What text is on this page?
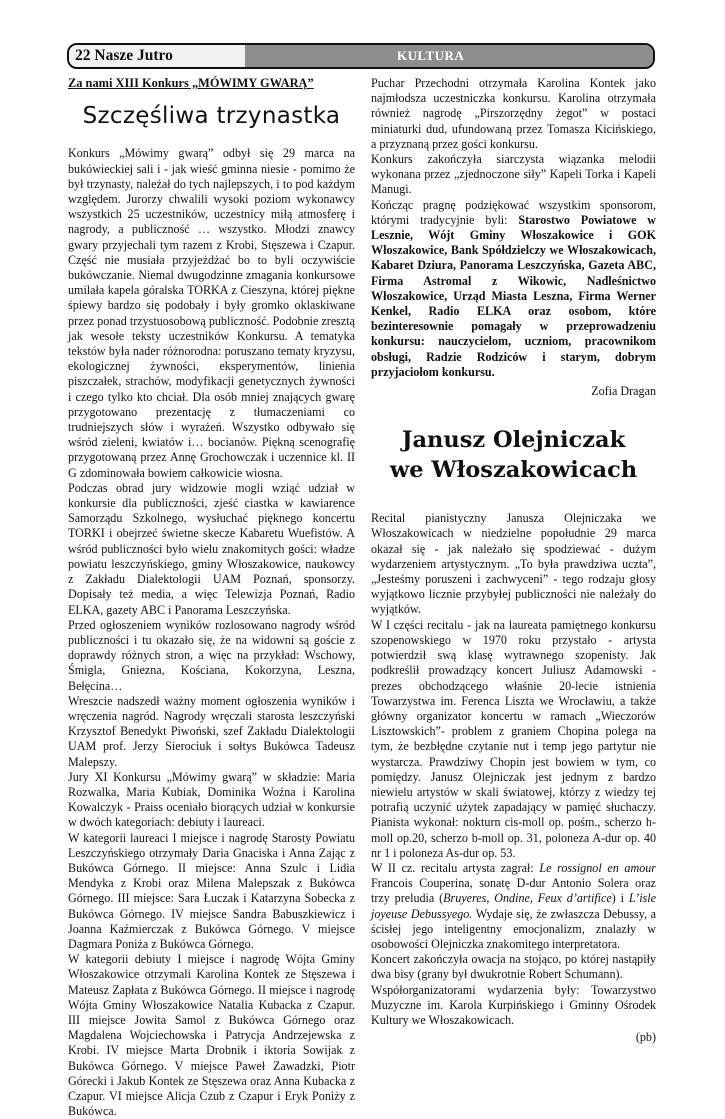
22 Nasze Jutro	KULTURA

Za nami XIII Konkurs „MÓWIMY GWARĄ”

Szczęśliwa trzynastka

Konkurs „Mówimy gwarą” odbył się 29 marca na bukówieckiej sali i - jak wieść gminna niesie - pomimo że był trzynasty, należał do tych najlepszych, i to pod każdym względem. Jurorzy chwalili wysoki poziom wykonawcy wszystkich 25 uczestników, uczestnicy miłą atmosferę i nagrody, a publiczność … wszystko. Młodzi znawcy gwary przyjechali tym razem z Krobi, Stęszewa i Czapur. Część nie musiała przyjeżdżać bo to byli oczywiście bukówczanie. Niemal dwugodzinne zmagania konkursowe umilała kapela góralska TORKA z Cieszyna, której piękne śpiewy bardzo się podobały i były gromko oklaskiwane przez ponad trzystuosobową publiczność. Podobnie zresztą jak wesołe teksty uczestników Konkursu. A tematyka tekstów była nader różnorodna: poruszano tematy kryzysu, ekologicznej żywności, eksperymentów, linienia piszczałek, strachów, modyfikacji genetycznych żywności i czego tylko kto chciał. Dla osób mniej znających gwarę przygotowano prezentację z tłumaczeniami co trudniejszych słów i wyrażeń. Wszystko odbywało się wśród zieleni, kwiatów i… bocianów. Piękną scenografię przygotowaną przez Annę Grochowczak i uczennice kl. II G zdominowała bowiem całkowicie wiosna.

Podczas obrad jury widzowie mogli wziąć udział w konkursie dla publiczności, zjeść ciastka w kawiarence Samorządu Szkolnego, wysłuchać pięknego koncertu TORKI i obejrzeć świetne skecze Kabaretu Wuefistów. A wśród publiczności było wielu znakomitych gości: władze powiatu leszczyńskiego, gminy Włoszakowice, naukowcy z Zakładu Dialektologii UAM Poznań, sponsorzy. Dopisały też media, a więc Telewizja Poznań, Radio ELKA, gazety ABC i Panorama Leszczyńska.

Przed ogłoszeniem wyników rozlosowano nagrody wśród publiczności i tu okazało się, że na widowni są goście z doprawdy różnych stron, a więc na przykład: Wschowy, Śmigla, Gniezna, Kościana, Kokorzyna, Leszna, Bełęcina…

Wreszcie nadszedł ważny moment ogłoszenia wyników i wręczenia nagród. Nagrody wręczali starosta leszczyński Krzysztof Benedykt Piwoński, szef Zakładu Dialektologii UAM prof. Jerzy Sierociuk i sołtys Bukówca Tadeusz Malepszy.

Jury XI Konkursu „Mówimy gwarą” w składzie: Maria Rozwalka, Maria Kubiak, Dominika Woźna i Karolina Kowalczyk - Praiss oceniało biorących udział w konkursie w dwóch kategoriach: debiuty i laureaci.

W kategorii laureaci I miejsce i nagrodę Starosty Powiatu Leszczyńskiego otrzymały Daria Gnaciska i Anna Zając z Bukówca Górnego. II miejsce: Anna Szulc i Lidia Mendyka z Krobi oraz Milena Malepszak z Bukówca Górnego. III miejsce: Sara Łuczak i Katarzyna Sobecka z Bukówca Górnego. IV miejsce Sandra Babuszkiewicz i Joanna Kaźmierczak z Bukówca Górnego. V miejsce Dagmara Poniża z Bukówca Górnego.

W kategorii debiuty I miejsce i nagrodę Wójta Gminy Włoszakowice otrzymali Karolina Kontek ze Stęszewa i Mateusz Zapłata z Bukówca Górnego. II miejsce i nagrodę Wójta Gminy Włoszakowice Natalia Kubacka z Czapur. III miejsce Jowita Samol z Bukówca Górnego oraz Magdalena Wojciechowska i Patrycja Andrzejewska z Krobi. IV miejsce Marta Drobnik i iktoria Sowijak z Bukówca Górnego. V miejsce Paweł Zawadzki, Piotr Górecki i Jakub Kontek ze Stęszewa oraz Anna Kubacka z Czapur. VI miejsce Alicja Czub z Czapur i Eryk Poniży z Bukówca.

Puchar Przechodni otrzymała Karolina Kontek jako najmłodsza uczestniczka konkursu. Karolina otrzymała również nagrodę „Pirszorzędny żegot” w postaci miniaturki dud, ufundowaną przez Tomasza Kicińskiego, a przyznaną przez gości konkursu.

Konkurs zakończyła siarczysta wiązanka melodii wykonana przez „zjednoczone siły” Kapeli Torka i Kapeli Manugi.

Kończąc pragnę podziękować wszystkim sponsorom, którymi tradycyjnie byli: Starostwo Powiatowe w Lesznie, Wójt Gminy Włoszakowice i GOK Włoszakowice, Bank Spółdzielczy we Włoszakowicach, Kabaret Dziura, Panorama Leszczyńska, Gazeta ABC, Firma Astromal z Wikowic, Nadleśnictwo Włoszakowice, Urząd Miasta Leszna, Firma Werner Kenkel, Radio ELKA oraz osobom, które bezinteresownie pomagały w przeprowadzeniu konkursu: nauczycielom, uczniom, pracownikom obsługi, Radzie Rodziców i starym, dobrym przyjaciołom konkursu.

Zofia Dragan

Janusz Olejniczak
we Włoszakowicach

Recital pianistyczny Janusza Olejniczaka we Włoszakowicach w niedzielne popołudnie 29 marca okazał się - jak należało się spodziewać - dużym wydarzeniem artystycznym. „To była prawdziwa uczta”, „Jesteśmy poruszeni i zachwyceni” - tego rodzaju głosy wyjątkowo licznie przybyłej publiczności nie należały do wyjątków.

W I części recitalu - jak na laureata pamiętnego konkursu szopenowskiego w 1970 roku przystało - artysta potwierdził swą klasę wytrawnego szopenisty. Jak podkreślił prowadzący koncert Juliusz Adamowski - prezes obchodzącego właśnie 20-lecie istnienia Towarzystwa im. Ferenca Liszta we Wrocławiu, a także główny organizator koncertu w ramach „Wieczorów Lisztowskich”- problem z graniem Chopina polega na tym, że bezbłędne czytanie nut i temp jego partytur nie wystarcza. Prawdziwy Chopin jest bowiem w tym, co pomiędzy. Janusz Olejniczak jest jednym z bardzo niewielu artystów w skali światowej, którzy z wiedzy tej potrafią uczynić użytek zapadający w pamięć słuchaczy. Pianista wykonał: nokturn cis-moll op. pośm., scherzo h-moll op.20, scherzo b-moll op. 31, poloneza A-dur op. 40 nr 1 i poloneza As-dur op. 53.

W II cz. recitalu artysta zagrał: Le rossignol en amour Francois Couperina, sonatę D-dur Antonio Solera oraz trzy preludia (Bruyeres, Ondine, Feux d’artifice) i L’isle joyeuse Debussyego. Wydaje się, że zwłaszcza Debussy, a ścisłej jego inteligentny emocjonalizm, znalazły w osobowości Olejniczka znakomitego interpretatora.

Koncert zakończyła owacja na stojąco, po której nastąpiły dwa bisy (grany był dwukrotnie Robert Schumann).

Współorganizatorami wydarzenia były: Towarzystwo Muzyczne im. Karola Kurpińskiego i Gminny Ośrodek Kultury we Włoszakowicach.

(pb)
